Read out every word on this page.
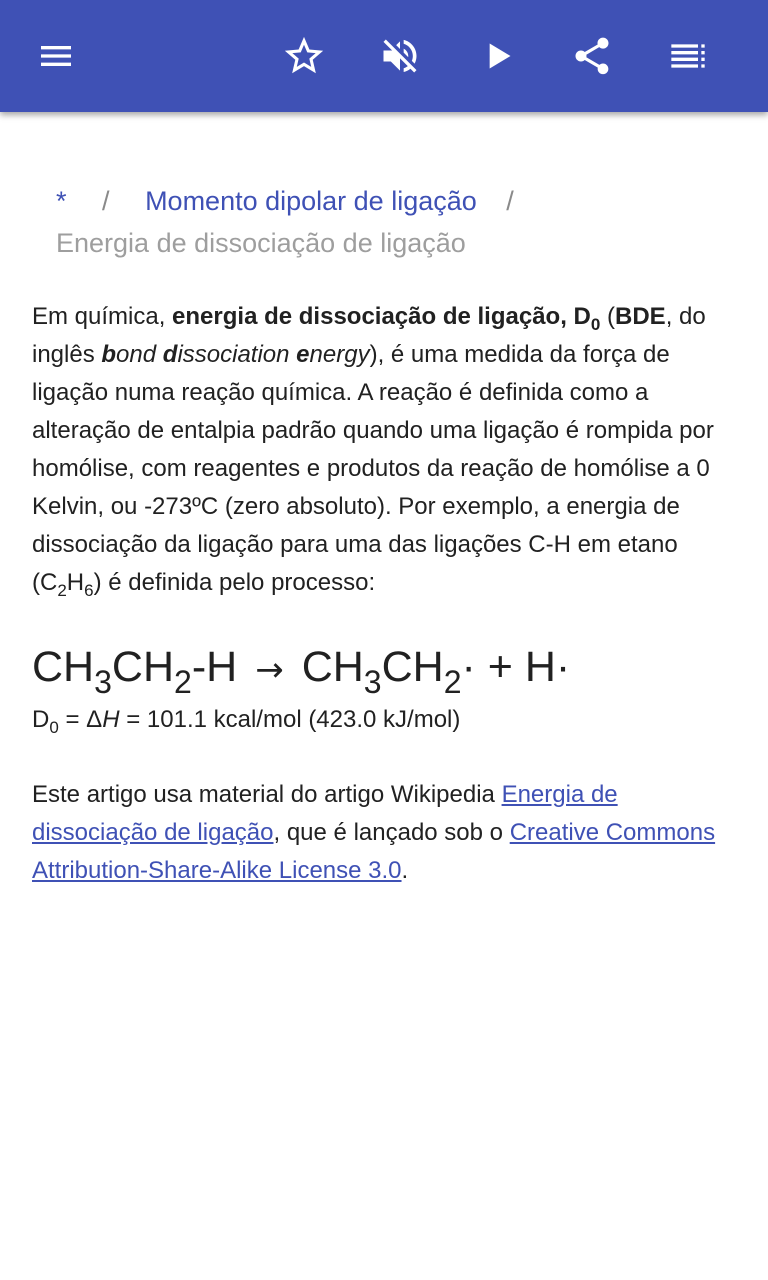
* / Momento dipolar de ligação /
Energia de dissociação de ligação

Em química, energia de dissociação de ligação, $D_0$ (BDE, do inglês bond dissociation energy), é uma medida da força de ligação numa reação química. A reação é definida como a alteração de entalpia padrão quando uma ligação é rompida por homólise, com reagentes e produtos da reação de homólise a 0 Kelvin, ou -273ºC (zero absoluto). Por exemplo, a energia de dissociação da ligação para uma das ligações C-H em etano $(C_2H_6)$ é definida pelo processo:

$CH_3CH_2-H \to CH_3CH_2\cdot + H\cdot$
$D_0 = \Delta H = 101.1$ kcal/mol (423.0 kJ/mol)

Este artigo usa material do artigo Wikipedia Energia de dissociação de ligação, que é lançado sob o Creative Commons Attribution-Share-Alike License 3.0.
